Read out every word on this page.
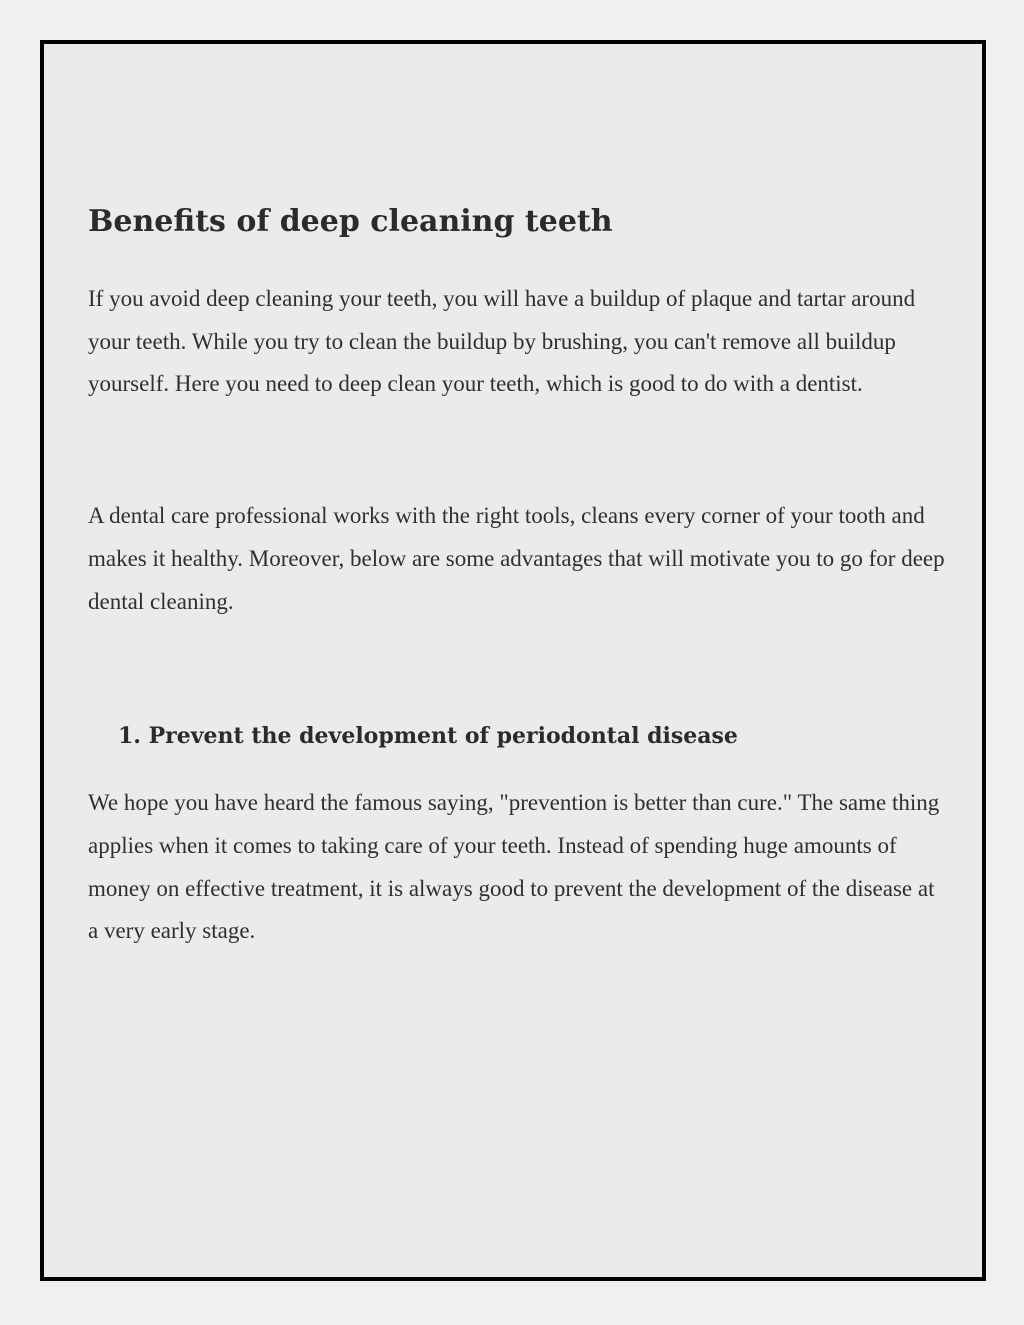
Benefits of deep cleaning teeth

If you avoid deep cleaning your teeth, you will have a buildup of plaque and tartar around your teeth. While you try to clean the buildup by brushing, you can't remove all buildup yourself. Here you need to deep clean your teeth, which is good to do with a dentist.

A dental care professional works with the right tools, cleans every corner of your tooth and makes it healthy. Moreover, below are some advantages that will motivate you to go for deep dental cleaning.

1. Prevent the development of periodontal disease

We hope you have heard the famous saying, "prevention is better than cure." The same thing applies when it comes to taking care of your teeth. Instead of spending huge amounts of money on effective treatment, it is always good to prevent the development of the disease at a very early stage.
